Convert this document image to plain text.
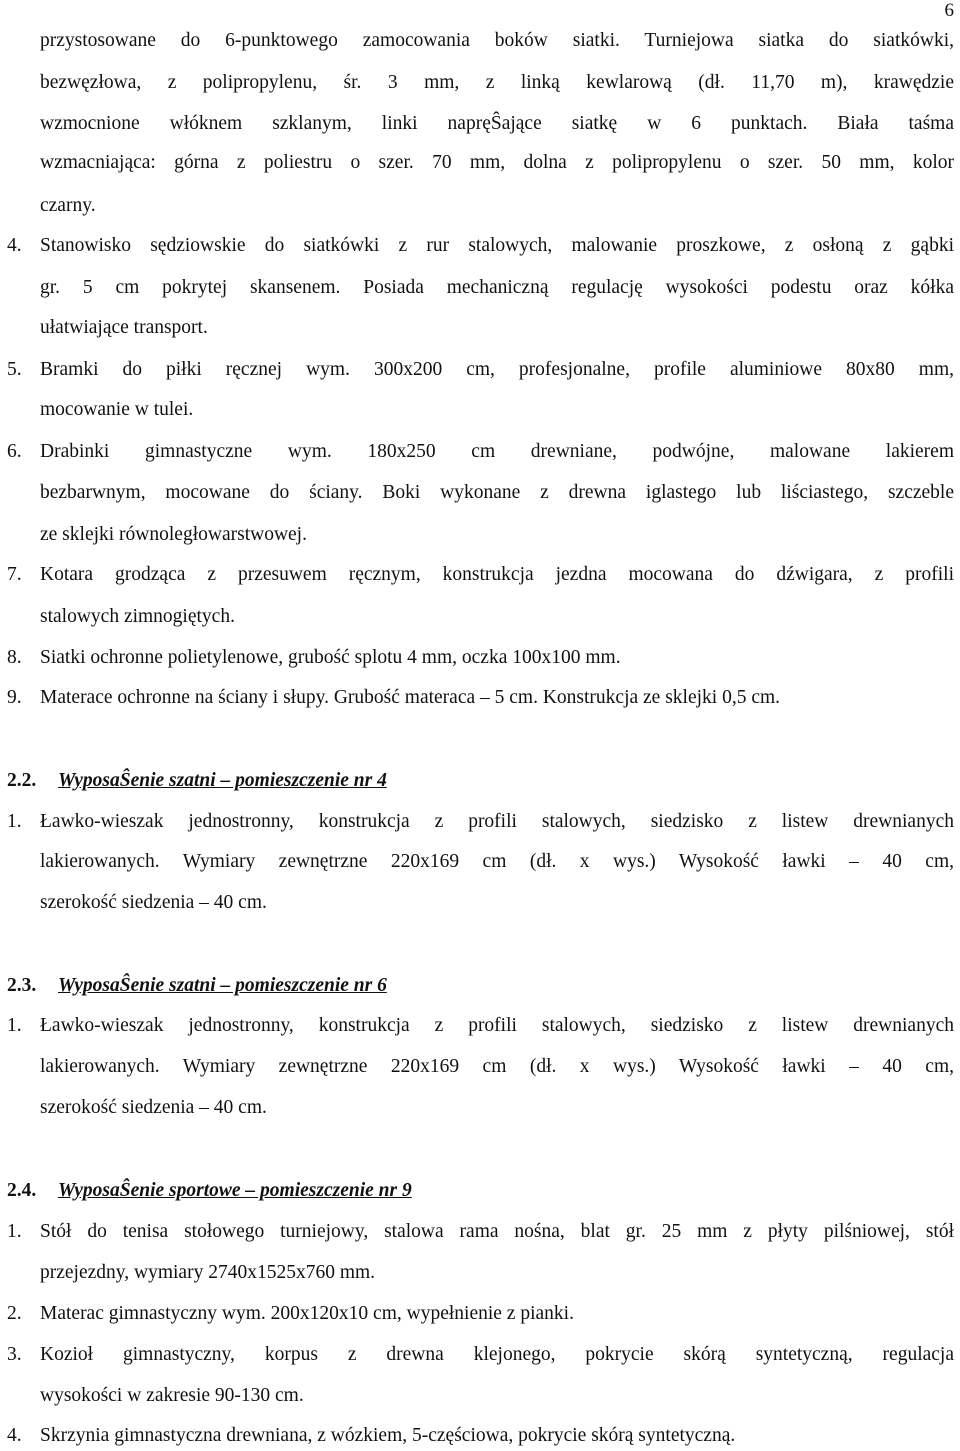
6
przystosowane do 6-punktowego zamocowania boków siatki. Turniejowa siatka do siatkówki,
bezwęzłowa, z polipropylenu, śr. 3 mm, z linką kewlarową (dł. 11,70 m), krawędzie
wzmocnione włóknem szklanym, linki napręŜające siatkę w 6 punktach. Biała taśma
wzmacniająca: górna z poliestru o szer. 70 mm, dolna z polipropylenu o szer. 50 mm, kolor
czarny.
4. Stanowisko sędziowskie do siatkówki z rur stalowych, malowanie proszkowe, z osłoną z gąbki
gr. 5 cm pokrytej skansenem. Posiada mechaniczną regulację wysokości podestu oraz kółka
ułatwiające transport.
5. Bramki do piłki ręcznej wym. 300x200 cm, profesjonalne, profile aluminiowe 80x80 mm,
mocowanie w tulei.
6. Drabinki gimnastyczne wym. 180x250 cm drewniane, podwójne, malowane lakierem
bezbarwnym, mocowane do ściany. Boki wykonane z drewna iglastego lub liściastego, szczeble
ze sklejki równoległowarstwowej.
7. Kotara grodząca z przesuwem ręcznym, konstrukcja jezdna mocowana do dźwigara, z profili
stalowych zimnogiętych.
8. Siatki ochronne polietylenowe, grubość splotu 4 mm, oczka 100x100 mm.
9. Materace ochronne na ściany i słupy. Grubość materaca – 5 cm. Konstrukcja ze sklejki 0,5 cm.
2.2. WyposaŜenie szatni – pomieszczenie nr 4
1. Ławko-wieszak jednostronny, konstrukcja z profili stalowych, siedzisko z listew drewnianych
lakierowanych. Wymiary zewnętrzne 220x169 cm (dł. x wys.) Wysokość ławki – 40 cm,
szerokość siedzenia – 40 cm.
2.3. WyposaŜenie szatni – pomieszczenie nr 6
1. Ławko-wieszak jednostronny, konstrukcja z profili stalowych, siedzisko z listew drewnianych
lakierowanych. Wymiary zewnętrzne 220x169 cm (dł. x wys.) Wysokość ławki – 40 cm,
szerokość siedzenia – 40 cm.
2.4. WyposaŜenie sportowe – pomieszczenie nr 9
1. Stół do tenisa stołowego turniejowy, stalowa rama nośna, blat gr. 25 mm z płyty pilśniowej, stół
przejezdny, wymiary 2740x1525x760 mm.
2. Materac gimnastyczny wym. 200x120x10 cm, wypełnienie z pianki.
3. Kozioł gimnastyczny, korpus z drewna klejonego, pokrycie skórą syntetyczną, regulacja
wysokości w zakresie 90-130 cm.
4. Skrzynia gimnastyczna drewniana, z wózkiem, 5-częściowa, pokrycie skórą syntetyczną.
